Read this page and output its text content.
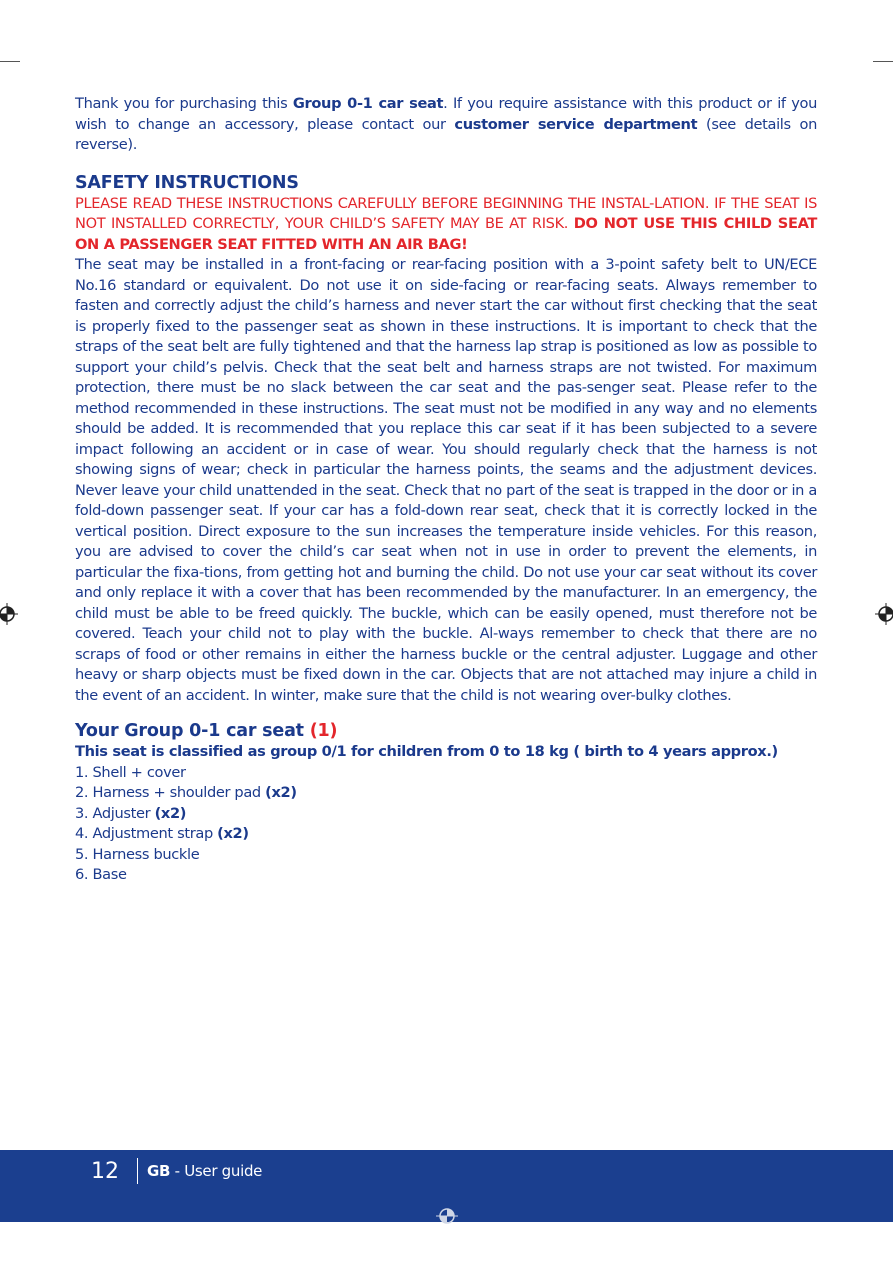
Thank you for purchasing this Group 0-1 car seat. If you require assistance with this product or if you wish to change an accessory, please contact our customer service department (see details on reverse).

SAFETY INSTRUCTIONS

PLEASE READ THESE INSTRUCTIONS CAREFULLY BEFORE BEGINNING THE INSTAL-LATION. IF THE SEAT IS NOT INSTALLED CORRECTLY, YOUR CHILD’S SAFETY MAY BE AT RISK. DO NOT USE THIS CHILD SEAT ON A PASSENGER SEAT FITTED WITH AN AIR BAG!

The seat may be installed in a front-facing or rear-facing position with a 3-point safety belt to UN/ECE No.16 standard or equivalent. Do not use it on side-facing or rear-facing seats. Always remember to fasten and correctly adjust the child’s harness and never start the car without first checking that the seat is properly fixed to the passenger seat as shown in these instructions. It is important to check that the straps of the seat belt are fully tightened and that the harness lap strap is positioned as low as possible to support your child’s pelvis. Check that the seat belt and harness straps are not twisted. For maximum protection, there must be no slack between the car seat and the pas-senger seat. Please refer to the method recommended in these instructions. The seat must not be modified in any way and no elements should be added. It is recommended that you replace this car seat if it has been subjected to a severe impact following an accident or in case of wear. You should regularly check that the harness is not showing signs of wear; check in particular the harness points, the seams and the adjustment devices. Never leave your child unattended in the seat. Check that no part of the seat is trapped in the door or in a fold-down passenger seat. If your car has a fold-down rear seat, check that it is correctly locked in the vertical position. Direct exposure to the sun increases the temperature inside vehicles. For this reason, you are advised to cover the child’s car seat when not in use in order to prevent the elements, in particular the fixa-tions, from getting hot and burning the child. Do not use your car seat without its cover and only replace it with a cover that has been recommended by the manufacturer. In an emergency, the child must be able to be freed quickly. The buckle, which can be easily opened, must therefore not be covered. Teach your child not to play with the buckle. Al-ways remember to check that there are no scraps of food or other remains in either the harness buckle or the central adjuster. Luggage and other heavy or sharp objects must be fixed down in the car. Objects that are not attached may injure a child in the event of an accident. In winter, make sure that the child is not wearing over-bulky clothes.

Your Group 0-1 car seat (1)

This seat is classified as group 0/1 for children from 0 to 18 kg ( birth to 4 years approx.)

1. Shell + cover
2. Harness + shoulder pad (x2)
3. Adjuster (x2)
4. Adjustment strap (x2)
5. Harness buckle
6. Base
12 GB - User guide
